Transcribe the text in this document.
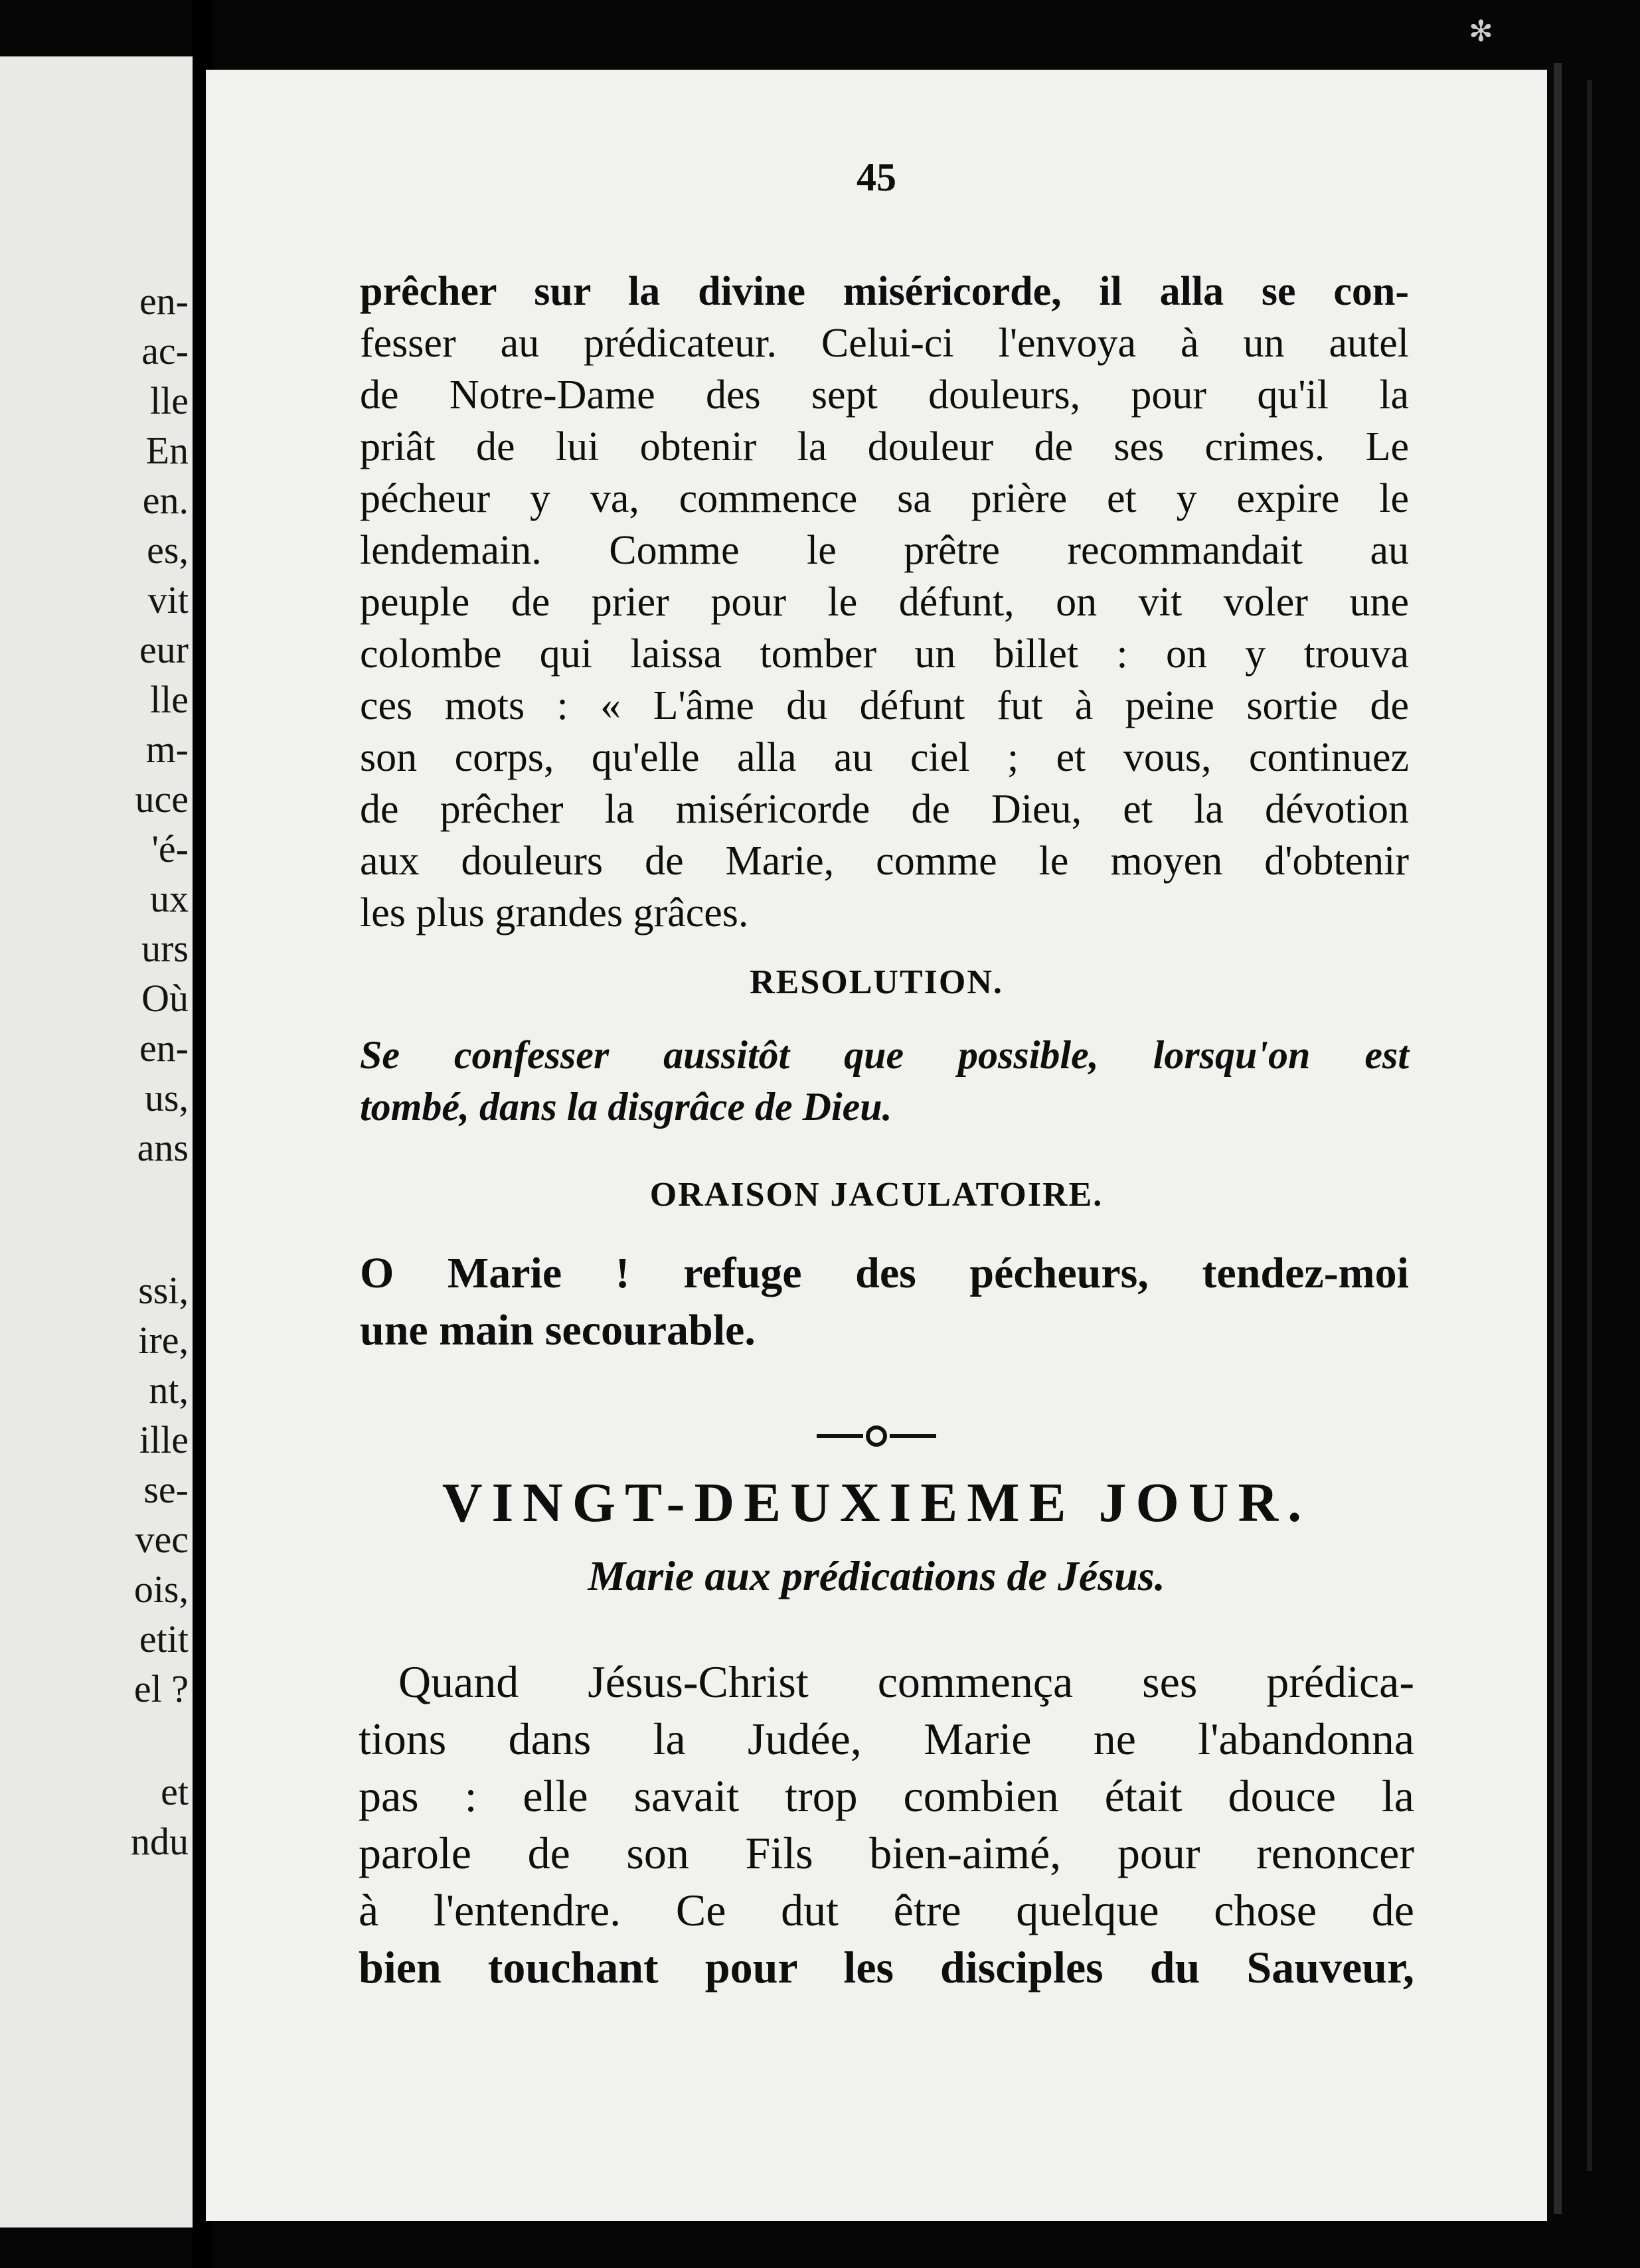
en-
ac-
lle
En
en.
es,
vit
eur
lle
m-
uce
'é-
ux
urs
Où
en-
us,
ans
ssi,
ire,
nt,
ille
se-
vec
ois,
etit
el ?
et
ndu
✻
45
prêcher sur la divine miséricorde, il alla se con-
fesser au prédicateur. Celui-ci l'envoya à un autel
de Notre-Dame des sept douleurs, pour qu'il la
priât de lui obtenir la douleur de ses crimes. Le
pécheur y va, commence sa prière et y expire le
lendemain. Comme le prêtre recommandait au
peuple de prier pour le défunt, on vit voler une
colombe qui laissa tomber un billet : on y trouva
ces mots : « L'âme du défunt fut à peine sortie de
son corps, qu'elle alla au ciel ; et vous, continuez
de prêcher la miséricorde de Dieu, et la dévotion
aux douleurs de Marie, comme le moyen d'obtenir
les plus grandes grâces.
RESOLUTION.
Se confesser aussitôt que possible, lorsqu'on est
tombé, dans la disgrâce de Dieu.
ORAISON JACULATOIRE.
O Marie ! refuge des pécheurs, tendez-moi
une main secourable.
VINGT-DEUXIEME JOUR.
Marie aux prédications de Jésus.
Quand Jésus-Christ commença ses prédica-
tions dans la Judée, Marie ne l'abandonna
pas : elle savait trop combien était douce la
parole de son Fils bien-aimé, pour renoncer
à l'entendre. Ce dut être quelque chose de
bien touchant pour les disciples du Sauveur,
